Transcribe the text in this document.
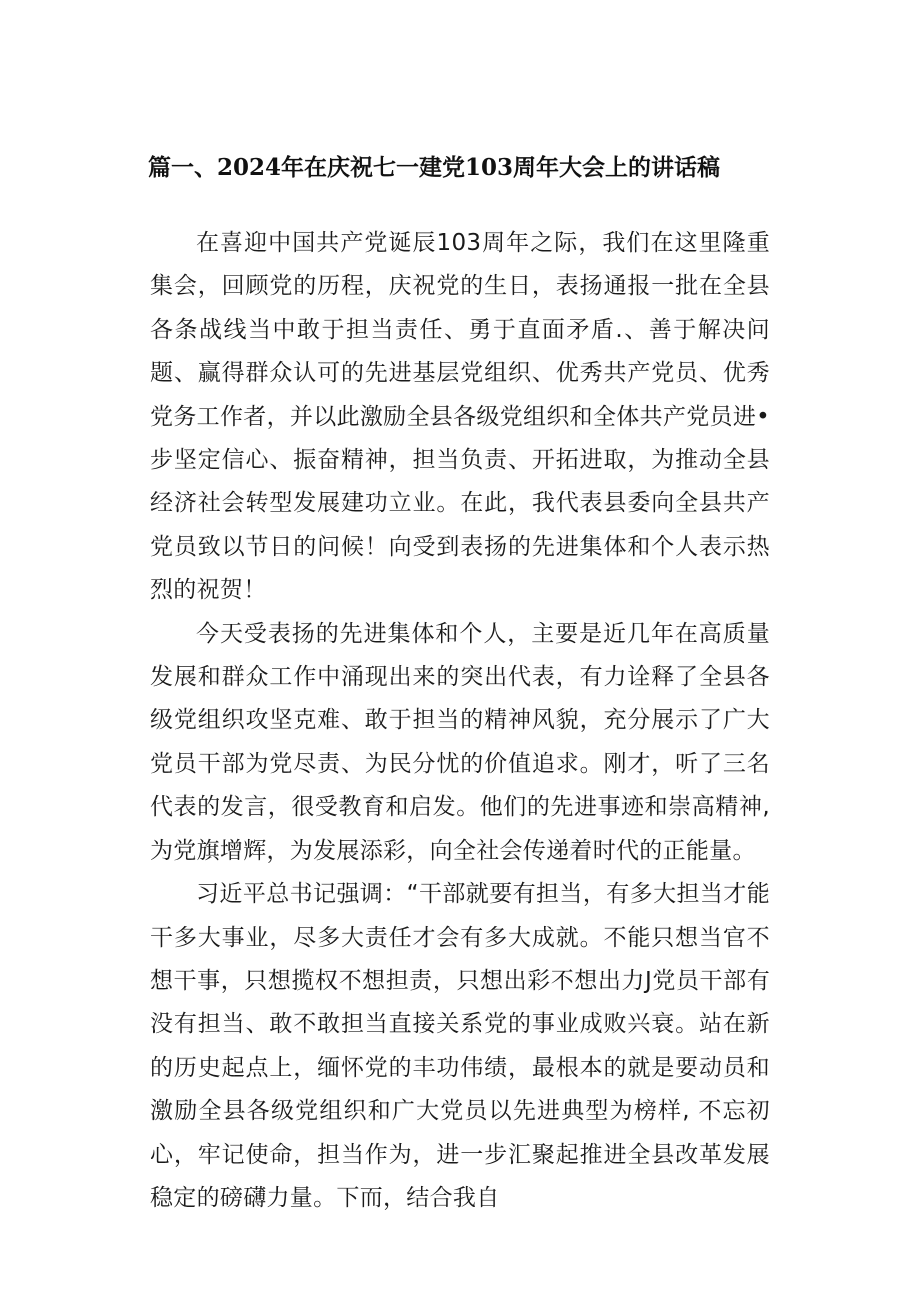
篇一、2024年在庆祝七一建党103周年大会上的讲话稿

在喜迎中国共产党诞辰103周年之际，我们在这里隆重集会，回顾党的历程，庆祝党的生日，表扬通报一批在全县各条战线当中敢于担当责任、勇于直面矛盾.、善于解决问题、赢得群众认可的先进基层党组织、优秀共产党员、优秀党务工作者，并以此激励全县各级党组织和全体共产党员进•步坚定信心、振奋精神，担当负责、开拓进取，为推动全县经济社会转型发展建功立业。在此，我代表县委向全县共产党员致以节日的问候！向受到表扬的先进集体和个人表示热烈的祝贺！

今天受表扬的先进集体和个人，主要是近几年在高质量发展和群众工作中涌现出来的突出代表，有力诠释了全县各级党组织攻坚克难、敢于担当的精神风貌，充分展示了广大党员干部为党尽责、为民分忧的价值追求。刚才，听了三名代表的发言，很受教育和启发。他们的先进事迹和崇高精神, 为党旗增辉，为发展添彩，向全社会传递着时代的正能量。

习近平总书记强调：“干部就要有担当，有多大担当才能干多大事业，尽多大责任才会有多大成就。不能只想当官不想干事，只想揽权不想担责，只想出彩不想出力J党员干部有没有担当、敢不敢担当直接关系党的事业成败兴衰。站在新的历史起点上，缅怀党的丰功伟绩，最根本的就是要动员和激励全县各级党组织和广大党员以先进典型为榜样, 不忘初心，牢记使命，担当作为，进一步汇聚起推进全县改革发展稳定的磅礴力量。下而，结合我自
